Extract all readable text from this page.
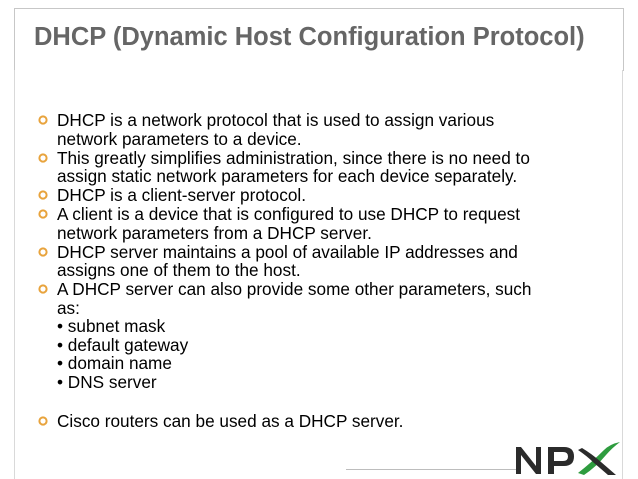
DHCP (Dynamic Host Configuration Protocol)
DHCP is a network protocol that is used to assign various
network parameters to a device.
This greatly simplifies administration, since there is no need to
assign static network parameters for each device separately.
DHCP is a client-server protocol.
A client is a device that is configured to use DHCP to request
network parameters from a DHCP server.
DHCP server maintains a pool of available IP addresses and
assigns one of them to the host.
A DHCP server can also provide some other parameters, such
as:
• subnet mask
• default gateway
• domain name
• DNS server
Cisco routers can be used as a DHCP server.
